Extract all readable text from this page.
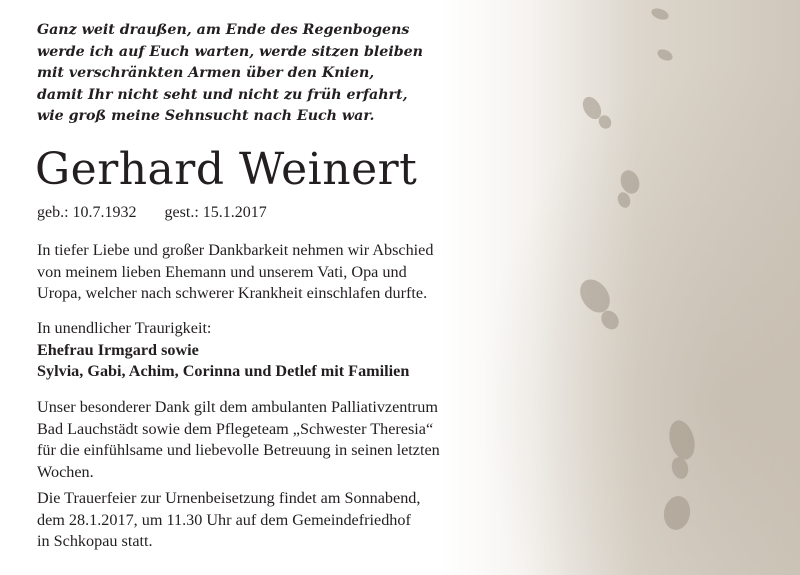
Ganz weit draußen, am Ende des Regenbogens
werde ich auf Euch warten, werde sitzen bleiben
mit verschränkten Armen über den Knien,
damit Ihr nicht seht und nicht zu früh erfahrt,
wie groß meine Sehnsucht nach Euch war.
Gerhard Weinert
geb.: 10.7.1932 gest.: 15.1.2017
In tiefer Liebe und großer Dankbarkeit nehmen wir Abschied
von meinem lieben Ehemann und unserem Vati, Opa und
Uropa, welcher nach schwerer Krankheit einschlafen durfte.
In unendlicher Traurigkeit:
Ehefrau Irmgard sowie
Sylvia, Gabi, Achim, Corinna und Detlef mit Familien
Unser besonderer Dank gilt dem ambulanten Palliativzentrum
Bad Lauchstädt sowie dem Pflegeteam „Schwester Theresia“
für die einfühlsame und liebevolle Betreuung in seinen letzten
Wochen.
Die Trauerfeier zur Urnenbeisetzung findet am Sonnabend,
dem 28.1.2017, um 11.30 Uhr auf dem Gemeindefriedhof
in Schkopau statt.
